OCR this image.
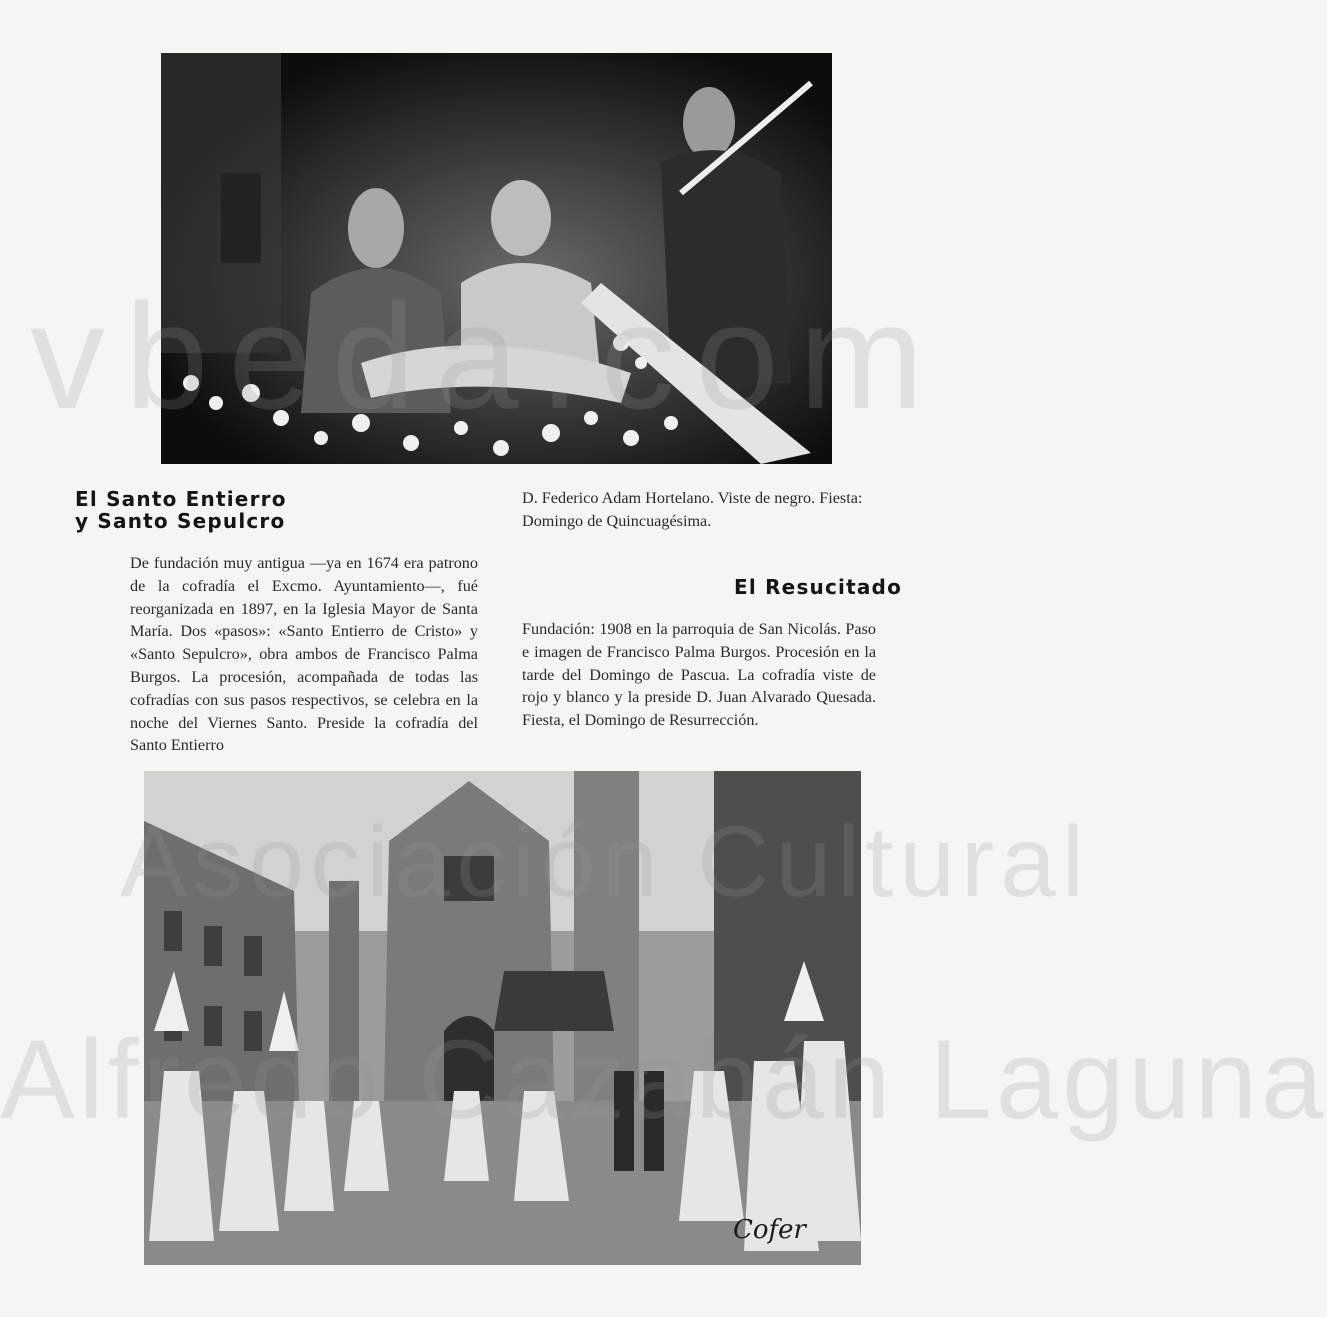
El Santo Entierro
y Santo Sepulcro

De fundación muy antigua —ya en 1674 era patrono de la cofradía el Excmo. Ayuntamiento—, fué reorganizada en 1897, en la Iglesia Mayor de Santa María. Dos «pasos»: «Santo Entierro de Cristo» y «Santo Sepulcro», obra ambos de Francisco Palma Burgos. La procesión, acompañada de todas las cofradías con sus pasos respectivos, se celebra en la noche del Viernes Santo. Preside la cofradía del Santo Entierro

D. Federico Adam Hortelano. Viste de negro. Fiesta: Domingo de Quincuagésima.

El Resucitado

Fundación: 1908 en la parroquia de San Nicolás. Paso e imagen de Francisco Palma Burgos. Procesión en la tarde del Domingo de Pascua. La cofradía viste de rojo y blanco y la preside D. Juan Alvarado Quesada. Fiesta, el Domingo de Resurrección.

Cofer
vbeda.com
Asociación Cultural
Alfredo Cazabán Laguna
